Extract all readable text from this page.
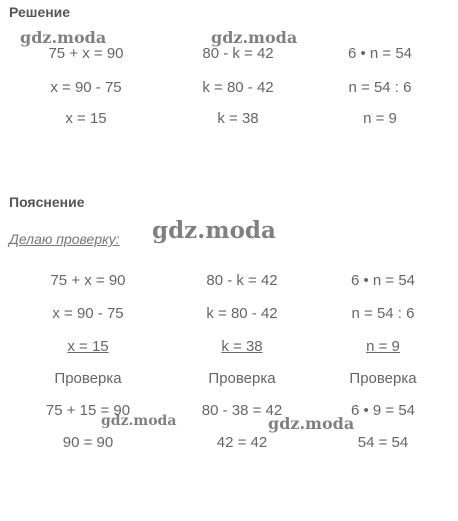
Решение
75 + x = 90
x = 90 - 75
x = 15
80 - k = 42
k = 80 - 42
k = 38
6 • n = 54
n = 54 : 6
n = 9
Пояснение
Делаю проверку:
75 + x = 90
x = 90 - 75
x = 15
Проверка
75 + 15 = 90
90 = 90
80 - k = 42
k = 80 - 42
k = 38
Проверка
80 - 38 = 42
42 = 42
6 • n = 54
n = 54 : 6
n = 9
Проверка
6 • 9 = 54
54 = 54
gdz.moda	gdz.moda
gdz.moda
gdz.moda	gdz.moda
